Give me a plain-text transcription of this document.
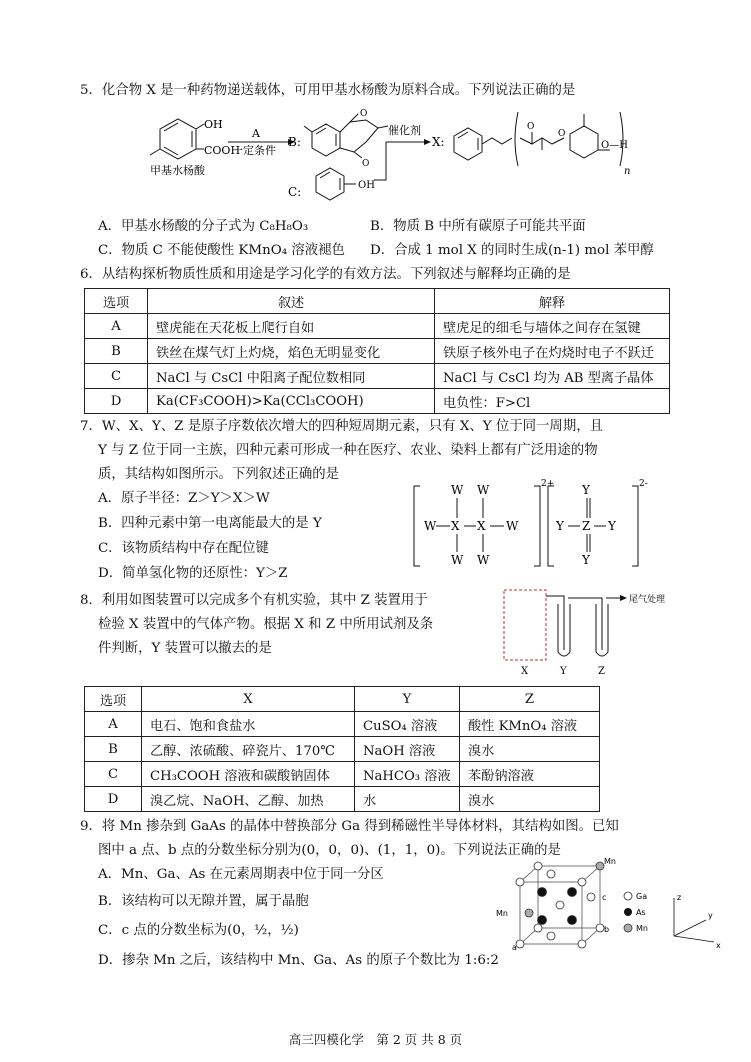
5．化合物 X 是一种药物递送载体，可用甲基水杨酸为原料合成。下列说法正确的是
OH
COOH
甲基水杨酸
A
一定条件
B:
O
O
催化剂
C:	OH
X:
O
O
O—H
n
A．甲基水杨酸的分子式为 C₈H₈O₃	B．物质 B 中所有碳原子可能共平面
C．物质 C 不能使酸性 KMnO₄ 溶液褪色 D．合成 1 mol X 的同时生成(n-1) mol 苯甲醇
6．从结构探析物质性质和用途是学习化学的有效方法。下列叙述与解释均正确的是
选项	叙述	解释
A	壁虎能在天花板上爬行自如	壁虎足的细毛与墙体之间存在氢键
B	铁丝在煤气灯上灼烧，焰色无明显变化	铁原子核外电子在灼烧时电子不跃迁
C	NaCl 与 CsCl 中阳离子配位数相同	NaCl 与 CsCl 均为 AB 型离子晶体
D	Ka(CF₃COOH)>Ka(CCl₃COOH)	电负性：F>Cl
7．W、X、Y、Z 是原子序数依次增大的四种短周期元素，只有 X、Y 位于同一周期，且
Y 与 Z 位于同一主族，四种元素可形成一种在医疗、农业、染料上都有广泛用途的物
质，其结构如图所示。下列叙述正确的是
A．原子半径：Z＞Y＞X＞W
B．四种元素中第一电离能最大的是 Y
C．该物质结构中存在配位键
D．简单氢化物的还原性：Y＞Z
W X X W
W W
W W
Y Z Y
Y
Y
2+	2-
8．利用如图装置可以完成多个有机实验，其中 Z 装置用于
检验 X 装置中的气体产物。根据 X 和 Z 中所用试剂及条
件判断，Y 装置可以撤去的是
尾气处理
X	Y	Z
选项	X	Y	Z
A	电石、饱和食盐水	CuSO₄ 溶液	酸性 KMnO₄ 溶液
B	乙醇、浓硫酸、碎瓷片、170℃	NaOH 溶液	溴水
C	CH₃COOH 溶液和碳酸钠固体	NaHCO₃ 溶液	苯酚钠溶液
D	溴乙烷、NaOH、乙醇、加热	水	溴水
9．将 Mn 掺杂到 GaAs 的晶体中替换部分 Ga 得到稀磁性半导体材料，其结构如图。已知
图中 a 点、b 点的分数坐标分别为(0，0，0)、(1，1，0)。下列说法正确的是
A．Mn、Ga、As 在元素周期表中位于同一分区
B．该结构可以无隙并置，属于晶胞
C．c 点的分数坐标为(0，½，½)
D．掺杂 Mn 之后，该结构中 Mn、Ga、As 的原子个数比为 1:6:2
Mn
Mn
a
b
c	Ga
As
Mn
z
y
x
高三四模化学　第 2 页 共 8 页
